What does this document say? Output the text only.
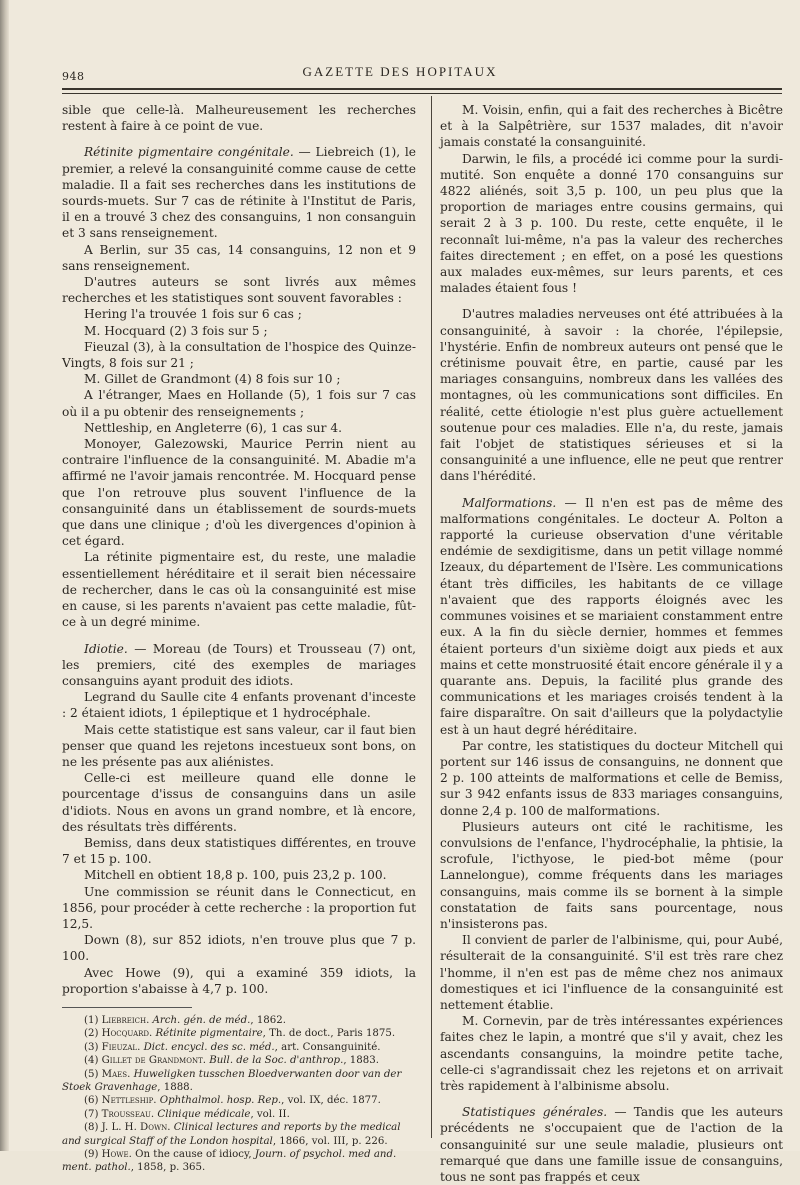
948	GAZETTE DES HOPITAUX

sible que celle-là. Malheureusement les recherches restent à faire à ce point de vue.

Rétinite pigmentaire congénitale. — Liebreich (1), le premier, a relevé la consanguinité comme cause de cette maladie. Il a fait ses recherches dans les institutions de sourds-muets. Sur 7 cas de rétinite à l'Institut de Paris, il en a trouvé 3 chez des consanguins, 1 non consanguin et 3 sans renseignement.

A Berlin, sur 35 cas, 14 consanguins, 12 non et 9 sans renseignement.

D'autres auteurs se sont livrés aux mêmes recherches et les statistiques sont souvent favorables :

Hering l'a trouvée 1 fois sur 6 cas ;

M. Hocquard (2) 3 fois sur 5 ;

Fieuzal (3), à la consultation de l'hospice des Quinze-Vingts, 8 fois sur 21 ;

M. Gillet de Grandmont (4) 8 fois sur 10 ;

A l'étranger, Maes en Hollande (5), 1 fois sur 7 cas où il a pu obtenir des renseignements ;

Nettleship, en Angleterre (6), 1 cas sur 4.

Monoyer, Galezowski, Maurice Perrin nient au contraire l'influence de la consanguinité. M. Abadie m'a affirmé ne l'avoir jamais rencontrée. M. Hocquard pense que l'on retrouve plus souvent l'influence de la consanguinité dans un établissement de sourds-muets que dans une clinique ; d'où les divergences d'opinion à cet égard.

La rétinite pigmentaire est, du reste, une maladie essentiellement héréditaire et il serait bien nécessaire de rechercher, dans le cas où la consanguinité est mise en cause, si les parents n'avaient pas cette maladie, fût-ce à un degré minime.

Idiotie. — Moreau (de Tours) et Trousseau (7) ont, les premiers, cité des exemples de mariages consanguins ayant produit des idiots.

Legrand du Saulle cite 4 enfants provenant d'inceste : 2 étaient idiots, 1 épileptique et 1 hydrocéphale.

Mais cette statistique est sans valeur, car il faut bien penser que quand les rejetons incestueux sont bons, on ne les présente pas aux aliénistes.

Celle-ci est meilleure quand elle donne le pourcentage d'issus de consanguins dans un asile d'idiots. Nous en avons un grand nombre, et là encore, des résultats très différents.

Bemiss, dans deux statistiques différentes, en trouve 7 et 15 p. 100.

Mitchell en obtient 18,8 p. 100, puis 23,2 p. 100.

Une commission se réunit dans le Connecticut, en 1856, pour procéder à cette recherche : la proportion fut 12,5.

Down (8), sur 852 idiots, n'en trouve plus que 7 p. 100.

Avec Howe (9), qui a examiné 359 idiots, la proportion s'abaisse à 4,7 p. 100.

(1) Liebreich. Arch. gén. de méd., 1862.

(2) Hocquard. Rétinite pigmentaire, Th. de doct., Paris 1875.

(3) Fieuzal. Dict. encycl. des sc. méd., art. Consanguinité.

(4) Gillet de Grandmont. Bull. de la Soc. d'anthrop., 1883.

(5) Maes. Huweligken tusschen Bloedverwanten door van der Stoek Gravenhage, 1888.

(6) Nettleship. Ophthalmol. hosp. Rep., vol. IX, déc. 1877.

(7) Trousseau. Clinique médicale, vol. II.

(8) J. L. H. Down. Clinical lectures and reports by the medical and surgical Staff of the London hospital, 1866, vol. III, p. 226.

(9) Howe. On the cause of idiocy, Journ. of psychol. med and. ment. pathol., 1858, p. 365.

M. Voisin, enfin, qui a fait des recherches à Bicêtre et à la Salpêtrière, sur 1537 malades, dit n'avoir jamais constaté la consanguinité.

Darwin, le fils, a procédé ici comme pour la surdi-mutité. Son enquête a donné 170 consanguins sur 4822 aliénés, soit 3,5 p. 100, un peu plus que la proportion de mariages entre cousins germains, qui serait 2 à 3 p. 100. Du reste, cette enquête, il le reconnaît lui-même, n'a pas la valeur des recherches faites directement ; en effet, on a posé les questions aux malades eux-mêmes, sur leurs parents, et ces malades étaient fous !

D'autres maladies nerveuses ont été attribuées à la consanguinité, à savoir : la chorée, l'épilepsie, l'hystérie. Enfin de nombreux auteurs ont pensé que le crétinisme pouvait être, en partie, causé par les mariages consanguins, nombreux dans les vallées des montagnes, où les communications sont difficiles. En réalité, cette étiologie n'est plus guère actuellement soutenue pour ces maladies. Elle n'a, du reste, jamais fait l'objet de statistiques sérieuses et si la consanguinité a une influence, elle ne peut que rentrer dans l'hérédité.

Malformations. — Il n'en est pas de même des malformations congénitales. Le docteur A. Polton a rapporté la curieuse observation d'une véritable endémie de sexdigitisme, dans un petit village nommé Izeaux, du département de l'Isère. Les communications étant très difficiles, les habitants de ce village n'avaient que des rapports éloignés avec les communes voisines et se mariaient constamment entre eux. A la fin du siècle dernier, hommes et femmes étaient porteurs d'un sixième doigt aux pieds et aux mains et cette monstruosité était encore générale il y a quarante ans. Depuis, la facilité plus grande des communications et les mariages croisés tendent à la faire disparaître. On sait d'ailleurs que la polydactylie est à un haut degré héréditaire.

Par contre, les statistiques du docteur Mitchell qui portent sur 146 issus de consanguins, ne donnent que 2 p. 100 atteints de malformations et celle de Bemiss, sur 3 942 enfants issus de 833 mariages consanguins, donne 2,4 p. 100 de malformations.

Plusieurs auteurs ont cité le rachitisme, les convulsions de l'enfance, l'hydrocéphalie, la phtisie, la scrofule, l'icthyose, le pied-bot même (pour Lannelongue), comme fréquents dans les mariages consanguins, mais comme ils se bornent à la simple constatation de faits sans pourcentage, nous n'insisterons pas.

Il convient de parler de l'albinisme, qui, pour Aubé, résulterait de la consanguinité. S'il est très rare chez l'homme, il n'en est pas de même chez nos animaux domestiques et ici l'influence de la consanguinité est nettement établie.

M. Cornevin, par de très intéressantes expériences faites chez le lapin, a montré que s'il y avait, chez les ascendants consanguins, la moindre petite tache, celle-ci s'agrandissait chez les rejetons et on arrivait très rapidement à l'albinisme absolu.

Statistiques générales. — Tandis que les auteurs précédents ne s'occupaient que de l'action de la consanguinité sur une seule maladie, plusieurs ont remarqué que dans une famille issue de consanguins, tous ne sont pas frappés et ceux
